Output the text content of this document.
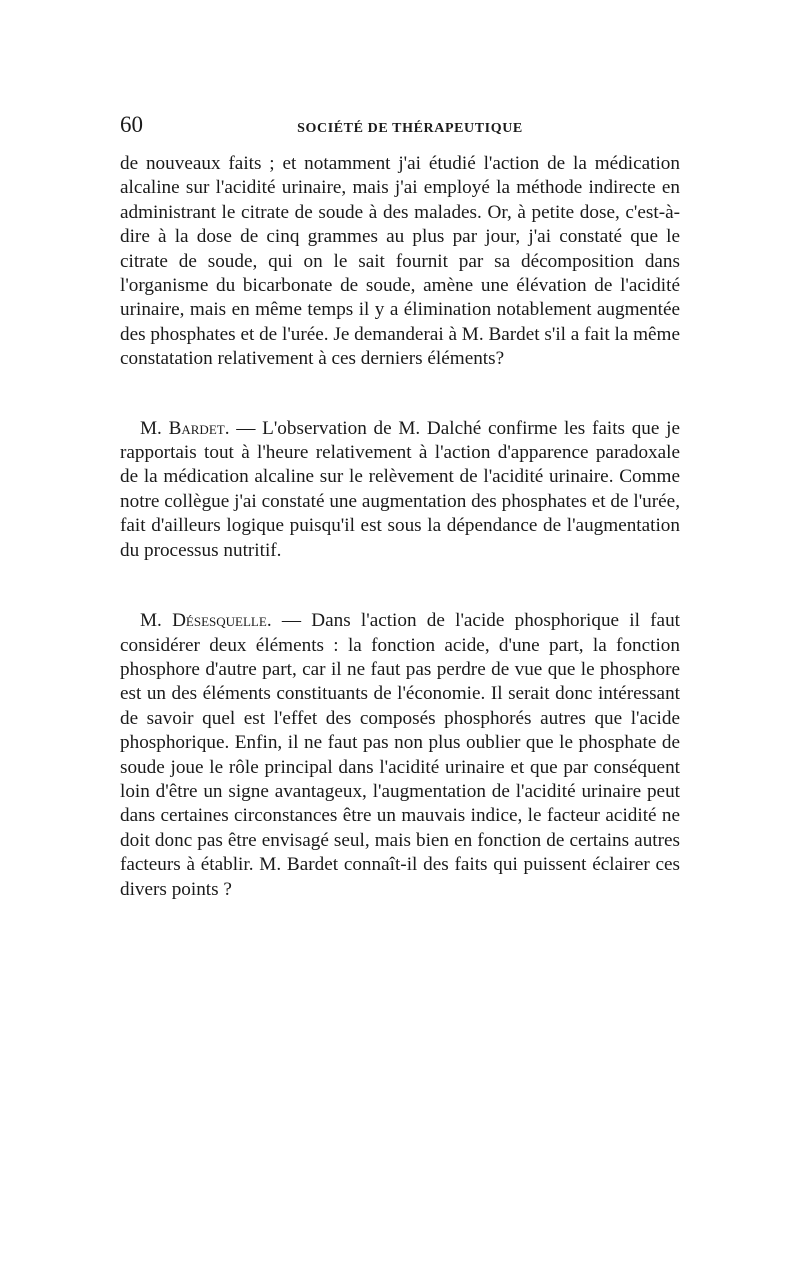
60	SOCIÉTÉ DE THÉRAPEUTIQUE

de nouveaux faits ; et notamment j'ai étudié l'action de la médication alcaline sur l'acidité urinaire, mais j'ai employé la méthode indirecte en administrant le citrate de soude à des malades. Or, à petite dose, c'est-à-dire à la dose de cinq grammes au plus par jour, j'ai constaté que le citrate de soude, qui on le sait fournit par sa décomposition dans l'organisme du bicarbonate de soude, amène une élévation de l'acidité urinaire, mais en même temps il y a élimination notablement augmentée des phosphates et de l'urée. Je demanderai à M. Bardet s'il a fait la même constatation relativement à ces derniers éléments?

M. Bardet. — L'observation de M. Dalché confirme les faits que je rapportais tout à l'heure relativement à l'action d'apparence paradoxale de la médication alcaline sur le relèvement de l'acidité urinaire. Comme notre collègue j'ai constaté une augmentation des phosphates et de l'urée, fait d'ailleurs logique puisqu'il est sous la dépendance de l'augmentation du processus nutritif.

M. Désesquelle. — Dans l'action de l'acide phosphorique il faut considérer deux éléments : la fonction acide, d'une part, la fonction phosphore d'autre part, car il ne faut pas perdre de vue que le phosphore est un des éléments constituants de l'économie. Il serait donc intéressant de savoir quel est l'effet des composés phosphorés autres que l'acide phosphorique. Enfin, il ne faut pas non plus oublier que le phosphate de soude joue le rôle principal dans l'acidité urinaire et que par conséquent loin d'être un signe avantageux, l'augmentation de l'acidité urinaire peut dans certaines circonstances être un mauvais indice, le facteur acidité ne doit donc pas être envisagé seul, mais bien en fonction de certains autres facteurs à établir. M. Bardet connaît-il des faits qui puissent éclairer ces divers points ?
